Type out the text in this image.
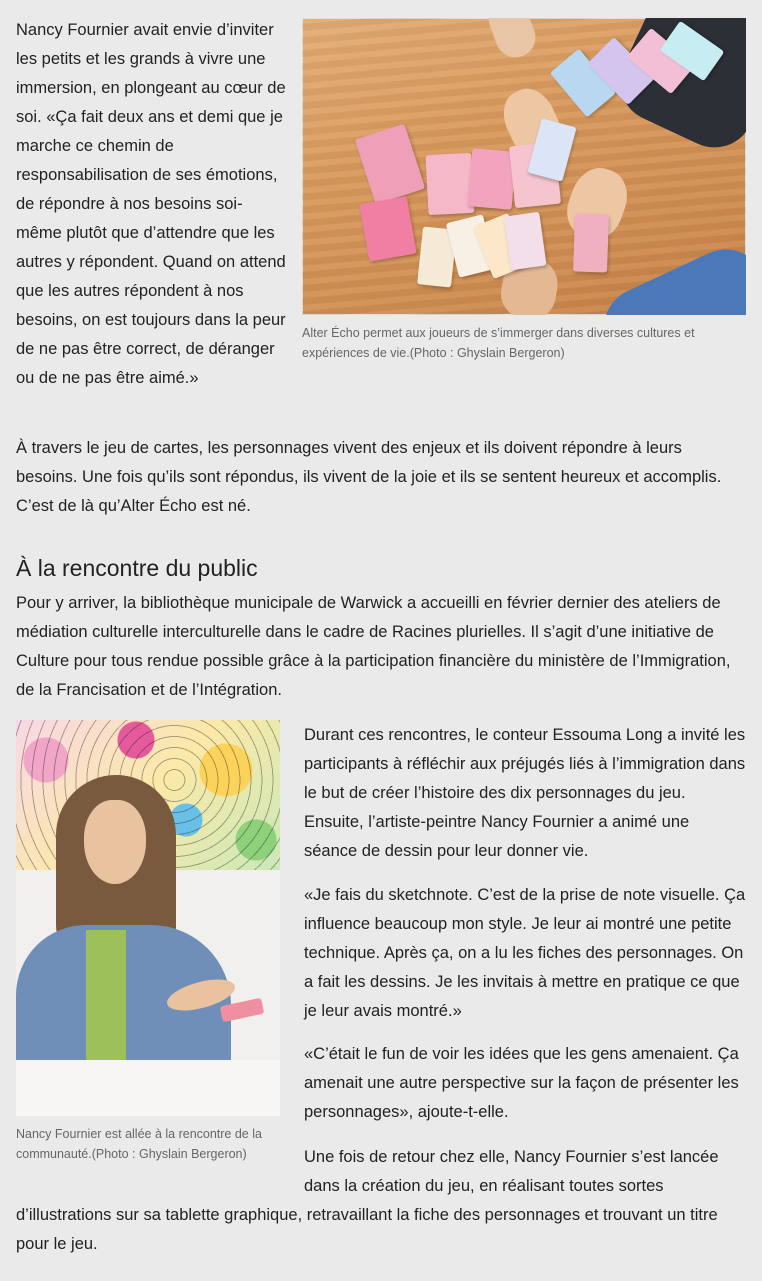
Nancy Fournier avait envie d’inviter les petits et les grands à vivre une immersion, en plongeant au cœur de soi. «Ça fait deux ans et demi que je marche ce chemin de responsabilisation de ses émotions, de répondre à nos besoins soi-même plutôt que d’attendre que les autres y répondent. Quand on attend que les autres répondent à nos besoins, on est toujours dans la peur de ne pas être correct, de déranger ou de ne pas être aimé.»

Alter Écho permet aux joueurs de s’immerger dans diverses cultures et expériences de vie.(Photo : Ghyslain Bergeron)

À travers le jeu de cartes, les personnages vivent des enjeux et ils doivent répondre à leurs besoins. Une fois qu’ils sont répondus, ils vivent de la joie et ils se sentent heureux et accomplis. C’est de là qu’Alter Écho est né.

À la rencontre du public

Pour y arriver, la bibliothèque municipale de Warwick a accueilli en février dernier des ateliers de médiation culturelle interculturelle dans le cadre de Racines plurielles. Il s’agit d’une initiative de Culture pour tous rendue possible grâce à la participation financière du ministère de l’Immigration, de la Francisation et de l’Intégration.

Nancy Fournier est allée à la rencontre de la communauté.(Photo : Ghyslain Bergeron)

Durant ces rencontres, le conteur Essouma Long a invité les participants à réfléchir aux préjugés liés à l’immigration dans le but de créer l’histoire des dix personnages du jeu. Ensuite, l’artiste-peintre Nancy Fournier a animé une séance de dessin pour leur donner vie.

«Je fais du sketchnote. C’est de la prise de note visuelle. Ça influence beaucoup mon style. Je leur ai montré une petite technique. Après ça, on a lu les fiches des personnages. On a fait les dessins. Je les invitais à mettre en pratique ce que je leur avais montré.»

«C’était le fun de voir les idées que les gens amenaient. Ça amenait une autre perspective sur la façon de présenter les personnages», ajoute-t-elle.

Une fois de retour chez elle, Nancy Fournier s’est lancée dans la création du jeu, en réalisant toutes sortes

d’illustrations sur sa tablette graphique, retravaillant la fiche des personnages et trouvant un titre pour le jeu.
